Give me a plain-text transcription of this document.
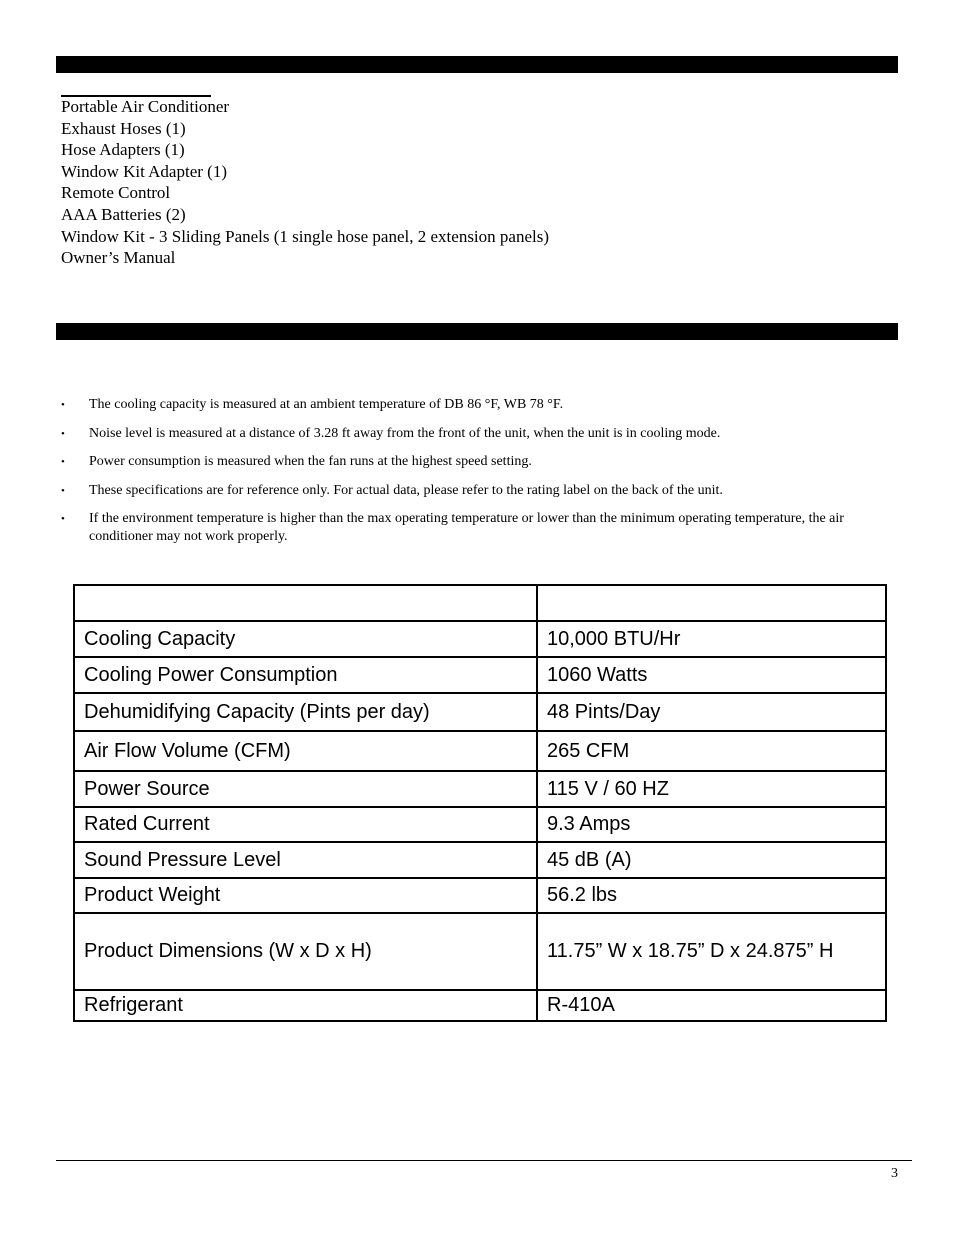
Portable Air Conditioner
Exhaust Hoses (1)
Hose Adapters (1)
Window Kit Adapter (1)
Remote Control
AAA Batteries (2)
Window Kit - 3 Sliding Panels (1 single hose panel, 2 extension panels)
Owner’s Manual
• The cooling capacity is measured at an ambient temperature of DB 86 °F, WB 78 °F.
• Noise level is measured at a distance of 3.28 ft away from the front of the unit, when the unit is in cooling mode.
• Power consumption is measured when the fan runs at the highest speed setting.
• These specifications are for reference only. For actual data, please refer to the rating label on the back of the unit.
• If the environment temperature is higher than the max operating temperature or lower than the minimum operating temperature, the air conditioner may not work properly.

Cooling Capacity	10,000 BTU/Hr
Cooling Power Consumption	1060 Watts
Dehumidifying Capacity (Pints per day)	48 Pints/Day
Air Flow Volume (CFM)	265 CFM
Power Source	115 V / 60 HZ
Rated Current	9.3 Amps
Sound Pressure Level	45 dB (A)
Product Weight	56.2 lbs
Product Dimensions (W x D x H)	11.75” W x 18.75” D x 24.875” H
Refrigerant	R-410A
3
